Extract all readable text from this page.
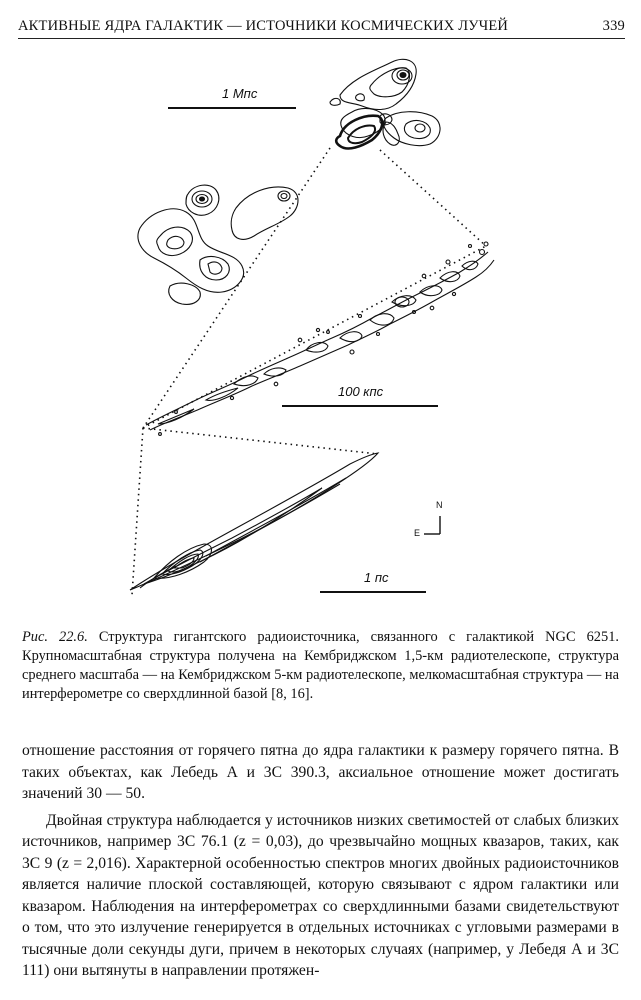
АКТИВНЫЕ ЯДРА ГАЛАКТИК — ИСТОЧНИКИ КОСМИЧЕСКИХ ЛУЧЕЙ	339
1 Мпс
100 кпс
1 пс
N
E
Рис. 22.6. Структура гигантского радиоисточника, связанного с галактикой NGC 6251. Крупномасштабная структура получена на Кембриджском 1,5-км радиотелескопе, структура среднего масштаба — на Кембриджском 5-км радиотелескопе, мелкомасштабная структура — на интерферометре со сверхдлинной базой [8, 16].

отношение расстояния от горячего пятна до ядра галактики к размеру горячего пятна. В таких объектах, как Лебедь А и 3С 390.3, аксиальное отношение может достигать значений 30 — 50.

Двойная структура наблюдается у источников низких светимостей от слабых близких источников, например 3С 76.1 (z = 0,03), до чрезвычайно мощных квазаров, таких, как 3С 9 (z = 2,016). Характерной особенностью спектров многих двойных радиоисточников является наличие плоской составляющей, которую связывают с ядром галактики или квазаром. Наблюдения на интерферометрах со сверхдлинными базами свидетельствуют о том, что это излучение генерируется в отдельных источниках с угловыми размерами в тысячные доли секунды дуги, причем в некоторых случаях (например, у Лебедя А и 3С 111) они вытянуты в направлении протяжен-
